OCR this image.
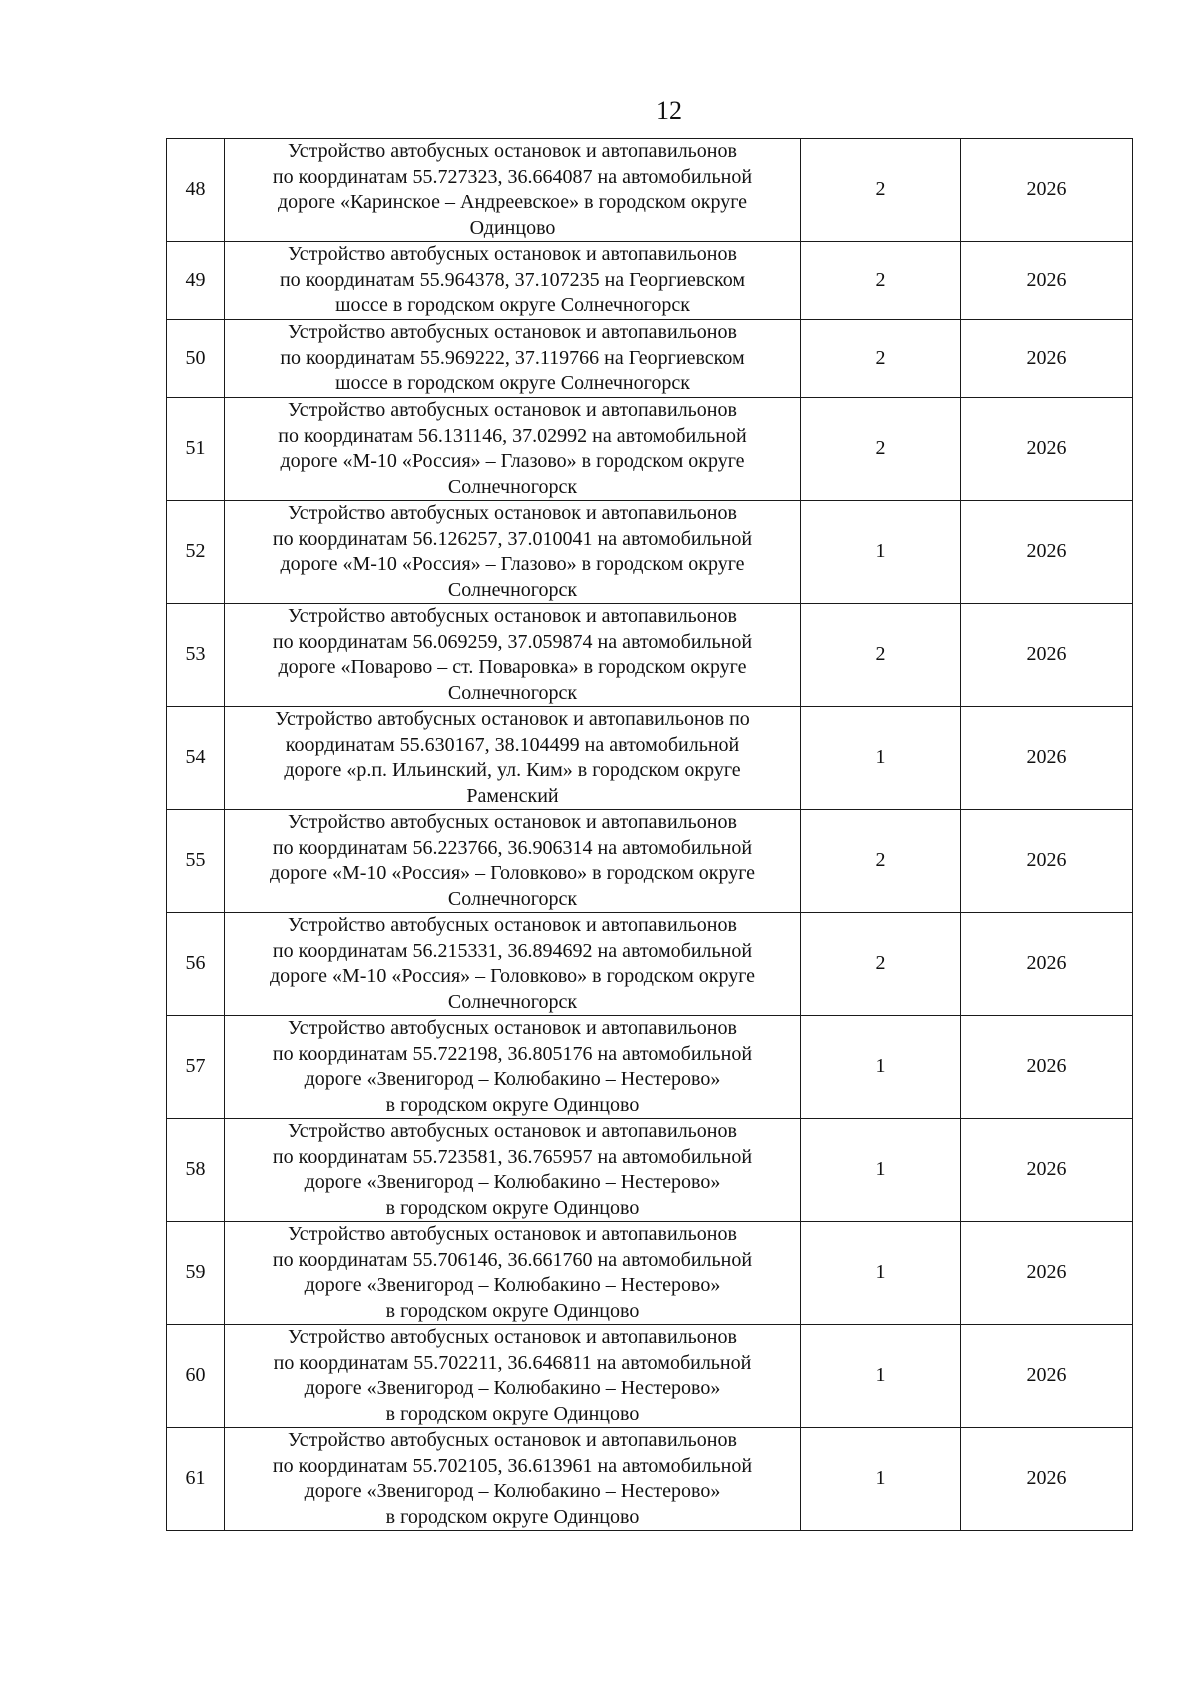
12
48	Устройство автобусных остановок и автопавильонов
по координатам 55.727323, 36.664087 на автомобильной
дороге «Каринское – Андреевское» в городском округе
Одинцово	2	2026
49	Устройство автобусных остановок и автопавильонов
по координатам 55.964378, 37.107235 на Георгиевском
шоссе в городском округе Солнечногорск	2	2026
50	Устройство автобусных остановок и автопавильонов
по координатам 55.969222, 37.119766 на Георгиевском
шоссе в городском округе Солнечногорск	2	2026
51	Устройство автобусных остановок и автопавильонов
по координатам 56.131146, 37.02992 на автомобильной
дороге «М-10 «Россия» – Глазово» в городском округе
Солнечногорск	2	2026
52	Устройство автобусных остановок и автопавильонов
по координатам 56.126257, 37.010041 на автомобильной
дороге «М-10 «Россия» – Глазово» в городском округе
Солнечногорск	1	2026
53	Устройство автобусных остановок и автопавильонов
по координатам 56.069259, 37.059874 на автомобильной
дороге «Поварово – ст. Поваровка» в городском округе
Солнечногорск	2	2026
54	Устройство автобусных остановок и автопавильонов по
координатам 55.630167, 38.104499 на автомобильной
дороге «р.п. Ильинский, ул. Ким» в городском округе
Раменский	1	2026
55	Устройство автобусных остановок и автопавильонов
по координатам 56.223766, 36.906314 на автомобильной
дороге «М-10 «Россия» – Головково» в городском округе
Солнечногорск	2	2026
56	Устройство автобусных остановок и автопавильонов
по координатам 56.215331, 36.894692 на автомобильной
дороге «М-10 «Россия» – Головково» в городском округе
Солнечногорск	2	2026
57	Устройство автобусных остановок и автопавильонов
по координатам 55.722198, 36.805176 на автомобильной
дороге «Звенигород – Колюбакино – Нестерово»
в городском округе Одинцово	1	2026
58	Устройство автобусных остановок и автопавильонов
по координатам 55.723581, 36.765957 на автомобильной
дороге «Звенигород – Колюбакино – Нестерово»
в городском округе Одинцово	1	2026
59	Устройство автобусных остановок и автопавильонов
по координатам 55.706146, 36.661760 на автомобильной
дороге «Звенигород – Колюбакино – Нестерово»
в городском округе Одинцово	1	2026
60	Устройство автобусных остановок и автопавильонов
по координатам 55.702211, 36.646811 на автомобильной
дороге «Звенигород – Колюбакино – Нестерово»
в городском округе Одинцово	1	2026
61	Устройство автобусных остановок и автопавильонов
по координатам 55.702105, 36.613961 на автомобильной
дороге «Звенигород – Колюбакино – Нестерово»
в городском округе Одинцово	1	2026
